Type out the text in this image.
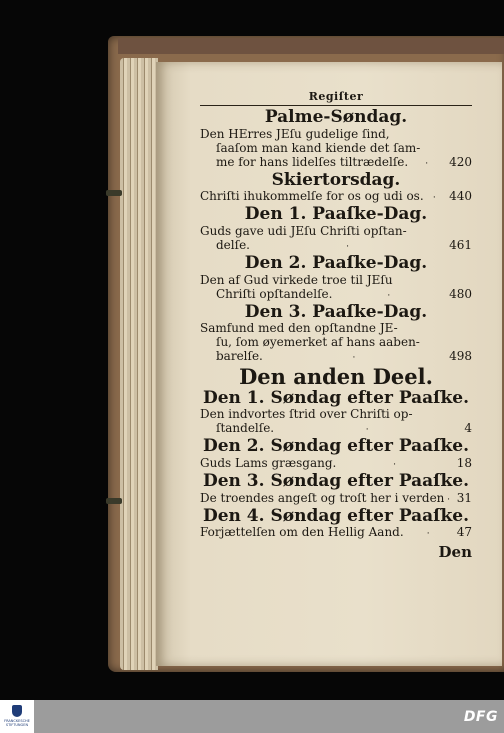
Regiſter
Palme-Søndag.
Den HErres JEſu gudelige ſind,
ſaaſom man kand kiende det ſam-
me for hans lidelſes tiltrædelſe.	·	420
Skiertorsdag.
Chriſti ihukommelſe for os og udi os.	·	440
Den 1. Paaſke-Dag.
Guds gave udi JEſu Chriſti opſtan-
delſe.	·	461
Den 2. Paaſke-Dag.
Den af Gud virkede troe til JEſu
Chriſti opſtandelſe.	·	480
Den 3. Paaſke-Dag.
Samfund med den opſtandne JE-
ſu, ſom øyemerket af hans aaben-
barelſe.	·	498
Den anden Deel.
Den 1. Søndag efter Paaſke.
Den indvortes ſtrid over Chriſti op-
ſtandelſe.	·	4
Den 2. Søndag efter Paaſke.
Guds Lams græsgang.	·	18
Den 3. Søndag efter Paaſke.
De troendes angeſt og troſt her i verden · 31
Den 4. Søndag efter Paaſke.
Forjættelſen om den Hellig Aand.	·	47
Den
FRANCKESCHE STIFTUNGEN	DFG
